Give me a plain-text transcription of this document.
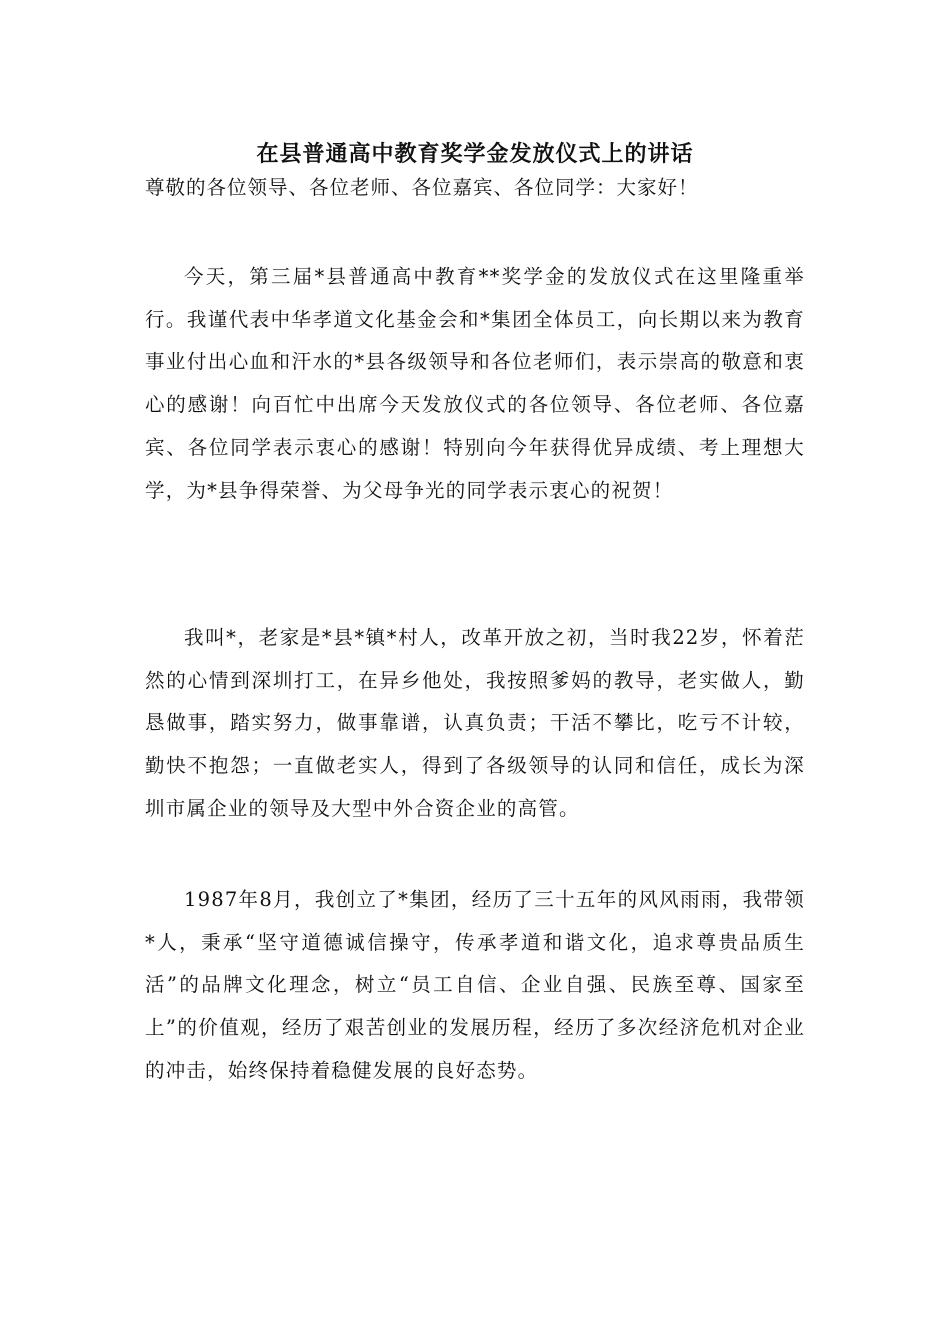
在县普通高中教育奖学金发放仪式上的讲话
尊敬的各位领导、各位老师、各位嘉宾、各位同学：大家好！

今天，第三届*县普通高中教育**奖学金的发放仪式在这里隆重举行。我谨代表中华孝道文化基金会和*集团全体员工，向长期以来为教育事业付出心血和汗水的*县各级领导和各位老师们，表示崇高的敬意和衷心的感谢！向百忙中出席今天发放仪式的各位领导、各位老师、各位嘉宾、各位同学表示衷心的感谢！特别向今年获得优异成绩、考上理想大学，为*县争得荣誉、为父母争光的同学表示衷心的祝贺！

我叫*，老家是*县*镇*村人，改革开放之初，当时我22岁，怀着茫然的心情到深圳打工，在异乡他处，我按照爹妈的教导，老实做人，勤恳做事，踏实努力，做事靠谱，认真负责；干活不攀比，吃亏不计较，勤快不抱怨；一直做老实人，得到了各级领导的认同和信任，成长为深圳市属企业的领导及大型中外合资企业的高管。

1987年8月，我创立了*集团，经历了三十五年的风风雨雨，我带领*人，秉承“坚守道德诚信操守，传承孝道和谐文化，追求尊贵品质生活”的品牌文化理念，树立“员工自信、企业自强、民族至尊、国家至上”的价值观，经历了艰苦创业的发展历程，经历了多次经济危机对企业的冲击，始终保持着稳健发展的良好态势。
